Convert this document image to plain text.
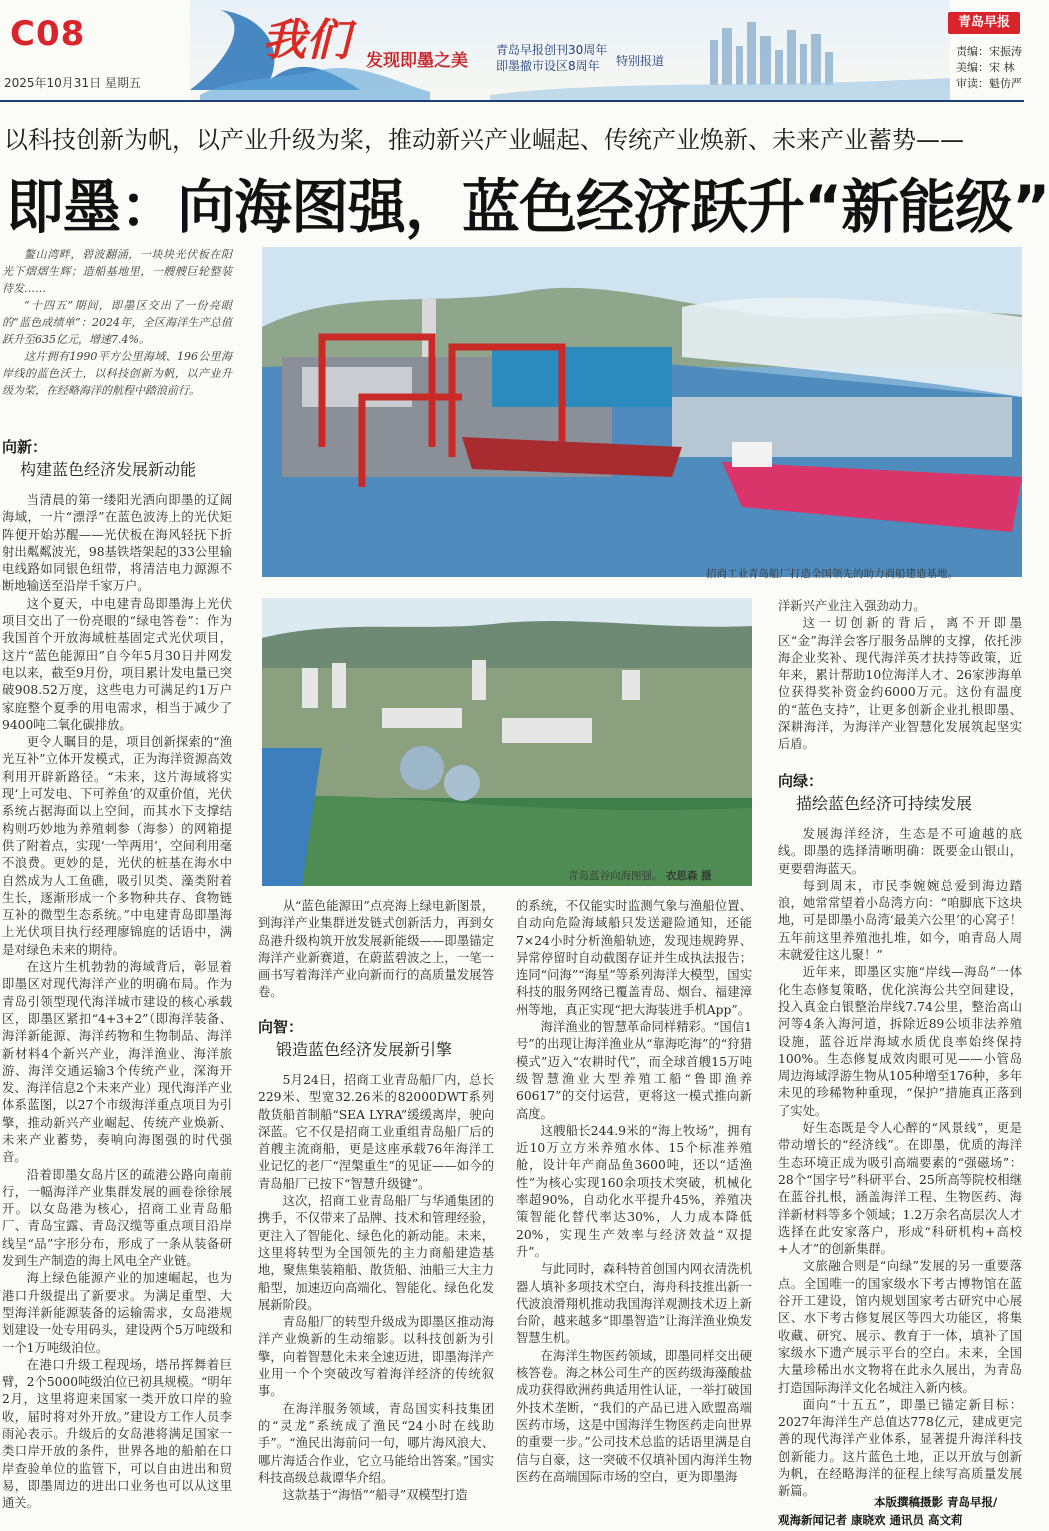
C08
2025年10月31日 星期五
我们 发现即墨之美
青岛早报创刊30周年
即墨撤市设区8周年	特别报道
青岛早报
责编：宋振涛
美编：宋 林
审读：魁仿严
以科技创新为帆，以产业升级为桨，推动新兴产业崛起、传统产业焕新、未来产业蓄势——
即墨：向海图强，蓝色经济跃升“新能级”

鳌山湾畔，碧波翻涌，一块块光伏板在阳光下熠熠生辉；造船基地里，一艘艘巨轮整装待发……

“十四五”期间，即墨区交出了一份亮眼的“蓝色成绩单”：2024年，全区海洋生产总值跃升至635亿元，增速7.4%。

这片拥有1990平方公里海域、196公里海岸线的蓝色沃土，以科技创新为帆，以产业升级为桨，在经略海洋的航程中踏浪前行。

向新：
构建蓝色经济发展新动能

当清晨的第一缕阳光洒向即墨的辽阔海域，一片“漂浮”在蓝色波涛上的光伏矩阵便开始苏醒——光伏板在海风轻抚下折射出粼粼波光，98基铁塔架起的33公里输电线路如同银色纽带，将清洁电力源源不断地输送至沿岸千家万户。

这个夏天，中电建青岛即墨海上光伏项目交出了一份亮眼的“绿电答卷”：作为我国首个开放海域桩基固定式光伏项目，这片“蓝色能源田”自今年5月30日并网发电以来，截至9月份，项目累计发电量已突破908.52万度，这些电力可满足约1万户家庭整个夏季的用电需求，相当于减少了9400吨二氧化碳排放。

更令人瞩目的是，项目创新探索的“渔光互补”立体开发模式，正为海洋资源高效利用开辟新路径。“未来，这片海域将实现‘上可发电、下可养鱼’的双重价值，光伏系统占据海面以上空间，而其水下支撑结构则巧妙地为养殖刺参（海参）的网箱提供了附着点，实现‘一竿两用’，空间利用毫不浪费。更妙的是，光伏的桩基在海水中自然成为人工鱼礁，吸引贝类、藻类附着生长，逐渐形成一个多物种共存、食物链互补的微型生态系统。”中电建青岛即墨海上光伏项目执行经理廖锦庭的话语中，满是对绿色未来的期待。

在这片生机勃勃的海域背后，彰显着即墨区对现代海洋产业的明确布局。作为青岛引领型现代海洋城市建设的核心承载区，即墨区紧扣“4+3+2”（即海洋装备、海洋新能源、海洋药物和生物制品、海洋新材料4个新兴产业，海洋渔业、海洋旅游、海洋交通运输3个传统产业，深海开发、海洋信息2个未来产业）现代海洋产业体系蓝图，以27个市级海洋重点项目为引擎，推动新兴产业崛起、传统产业焕新、未来产业蓄势，奏响向海图强的时代强音。

沿着即墨女岛片区的疏港公路向南前行，一幅海洋产业集群发展的画卷徐徐展开。以女岛港为核心，招商工业青岛船厂、青岛宝露、青岛汉缆等重点项目沿岸线呈“品”字形分布，形成了一条从装备研发到生产制造的海上风电全产业链。

海上绿色能源产业的加速崛起，也为港口升级提出了新要求。为满足重型、大型海洋新能源装备的运输需求，女岛港规划建设一处专用码头，建设两个5万吨级和一个1万吨级泊位。

在港口升级工程现场，塔吊挥舞着巨臂，2个5000吨级泊位已初具规模。“明年2月，这里将迎来国家一类开放口岸的验收，届时将对外开放。”建设方工作人员李雨沁表示。升级后的女岛港将满足国家一类口岸开放的条件，世界各地的船舶在口岸查验单位的监管下，可以自由进出和贸易，即墨周边的进出口业务也可以从这里通关。

招商工业青岛船厂打造全国领先的助力商船建造基地。
青岛蓝谷向海图强。 衣思森 摄

从“蓝色能源田”点亮海上绿电新图景，到海洋产业集群迸发链式创新活力，再到女岛港升级构筑开放发展新能级——即墨锚定海洋产业新赛道，在蔚蓝碧波之上，一笔一画书写着海洋产业向新而行的高质量发展答卷。

向智：
锻造蓝色经济发展新引擎

5月24日，招商工业青岛船厂内，总长229米、型宽32.26米的82000DWT系列散货船首制船“SEA LYRA”缓缓离岸，驶向深蓝。它不仅是招商工业重组青岛船厂后的首艘主流商船，更是这座承载76年海洋工业记忆的老厂“涅槃重生”的见证——如今的青岛船厂已按下“智慧升级键”。

这次，招商工业青岛船厂与华通集团的携手，不仅带来了品牌、技术和管理经验，更注入了智能化、绿色化的新动能。未来，这里将转型为全国领先的主力商船建造基地，聚焦集装箱船、散货船、油船三大主力船型，加速迈向高端化、智能化、绿色化发展新阶段。

青岛船厂的转型升级成为即墨区推动海洋产业焕新的生动缩影。以科技创新为引擎，向着智慧化未来全速迈进，即墨海洋产业用一个个突破改写着海洋经济的传统叙事。

在海洋服务领域，青岛国实科技集团的“灵龙”系统成了渔民“24小时在线助手”。“渔民出海前问一句，哪片海风浪大、哪片海适合作业，它立马能给出答案。”国实科技高级总裁谭华介绍。

这款基于“海悟”“船寻”双模型打造

的系统，不仅能实时监测气象与渔船位置、自动向危险海域船只发送避险通知，还能7×24小时分析渔船轨迹，发现违规跨界、异常停留时自动截图存证并生成执法报告；连同“问海”“海星”等系列海洋大模型，国实科技的服务网络已覆盖青岛、烟台、福建漳州等地，真正实现“把大海装进手机App”。

海洋渔业的智慧革命同样精彩。“国信1号”的出现让海洋渔业从“靠海吃海”的“狩猎模式”迈入“农耕时代”，而全球首艘15万吨级智慧渔业大型养殖工船“鲁即渔养60617”的交付运营，更将这一模式推向新高度。

这艘船长244.9米的“海上牧场”，拥有近10万立方米养殖水体、15个标准养殖舱，设计年产商品鱼3600吨，还以“适渔性”为核心实现160余项技术突破，机械化率超90%，自动化水平提升45%，养殖决策智能化替代率达30%，人力成本降低20%，实现生产效率与经济效益“双提升”。

与此同时，森科特首创国内网衣清洗机器人填补多项技术空白，海舟科技推出新一代波浪滑翔机推动我国海洋观测技术迈上新台阶，越来越多“即墨智造”让海洋渔业焕发智慧生机。

在海洋生物医药领域，即墨同样交出硬核答卷。海之林公司生产的医药级海藻酸盐成功获得欧洲药典适用性认证，一举打破国外技术垄断，“我们的产品已进入欧盟高端医药市场，这是中国海洋生物医药走向世界的重要一步。”公司技术总监的话语里满是自信与自豪，这一突破不仅填补国内海洋生物医药在高端国际市场的空白，更为即墨海

洋新兴产业注入强劲动力。

这一切创新的背后，离不开即墨区“金”海洋会客厅服务品牌的支撑，依托涉海企业奖补、现代海洋英才扶持等政策，近年来，累计帮助10位海洋人才、26家涉海单位获得奖补资金约6000万元。这份有温度的“蓝色支持”，让更多创新企业扎根即墨、深耕海洋，为海洋产业智慧化发展筑起坚实后盾。

向绿：
描绘蓝色经济可持续发展

发展海洋经济，生态是不可逾越的底线。即墨的选择清晰明确：既要金山银山，更要碧海蓝天。

每到周末，市民李婉婉总爱到海边踏浪，她常常望着小岛湾方向：“咱脚底下这块地，可是即墨小岛湾‘最美六公里’的心窝子！五年前这里养殖池扎堆，如今，咱青岛人周末就爱往这儿聚！”

近年来，即墨区实施“岸线—海岛”一体化生态修复策略，优化滨海公共空间建设，投入真金白银整治岸线7.74公里，整治高山河等4条入海河道，拆除近89公顷非法养殖设施，蓝谷近岸海域水质优良率始终保持100%。生态修复成效肉眼可见——小管岛周边海域浮游生物从105种增至176种，多年未见的珍稀物种重现，“保护”措施真正落到了实处。

好生态既是令人心醉的“风景线”，更是带动增长的“经济线”。在即墨，优质的海洋生态环境正成为吸引高端要素的“强磁场”：28个“国字号”科研平台、25所高等院校相继在蓝谷扎根，涵盖海洋工程、生物医药、海洋新材料等多个领域；1.2万余名高层次人才选择在此安家落户，形成“科研机构+高校+人才”的创新集群。

文旅融合则是“向绿”发展的另一重要落点。全国唯一的国家级水下考古博物馆在蓝谷开工建设，馆内规划国家考古研究中心展区、水下考古修复展区等四大功能区，将集收藏、研究、展示、教育于一体，填补了国家级水下遗产展示平台的空白。未来，全国大量珍稀出水文物将在此永久展出，为青岛打造国际海洋文化名城注入新内核。

面向“十五五”，即墨已锚定新目标：2027年海洋生产总值达778亿元，建成更完善的现代海洋产业体系，显著提升海洋科技创新能力。这片蓝色土地，正以开放与创新为帆，在经略海洋的征程上续写高质量发展新篇。

本版撰稿摄影 青岛早报/
观海新闻记者 康晓欢 通讯员 高文莉
